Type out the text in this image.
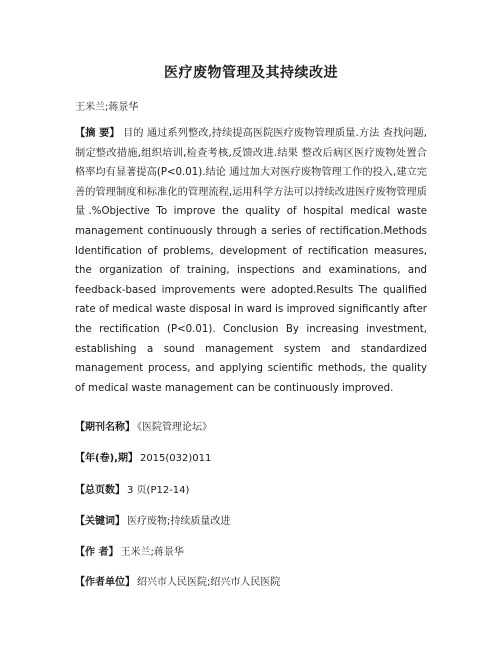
医疗废物管理及其持续改进
王米兰;蒋景华
【摘 要】 目的 通过系列整改,持续提高医院医疗废物管理质量.方法 查找问题,制定整改措施,组织培训,检查考核,反馈改进.结果 整改后病区医疗废物处置合格率均有显著提高(P<0.01).结论 通过加大对医疗废物管理工作的投入,建立完善的管理制度和标准化的管理流程,运用科学方法可以持续改进医疗废物管理质量.%Objective To improve the quality of hospital medical waste management continuously through a series of rectification.Methods Identification of problems, development of rectification measures, the organization of training, inspections and examinations, and feedback-based improvements were adopted.Results The qualified rate of medical waste disposal in ward is improved significantly after the rectification (P<0.01). Conclusion By increasing investment, establishing a sound management system and standardized management process, and applying scientific methods, the quality of medical waste management can be continuously improved.
【期刊名称】 《医院管理论坛》
【年(卷),期】 2015(032)011
【总页数】 3 页(P12-14)
【关键词】 医疗废物;持续质量改进
【作 者】 王米兰;蒋景华
【作者单位】 绍兴市人民医院;绍兴市人民医院
